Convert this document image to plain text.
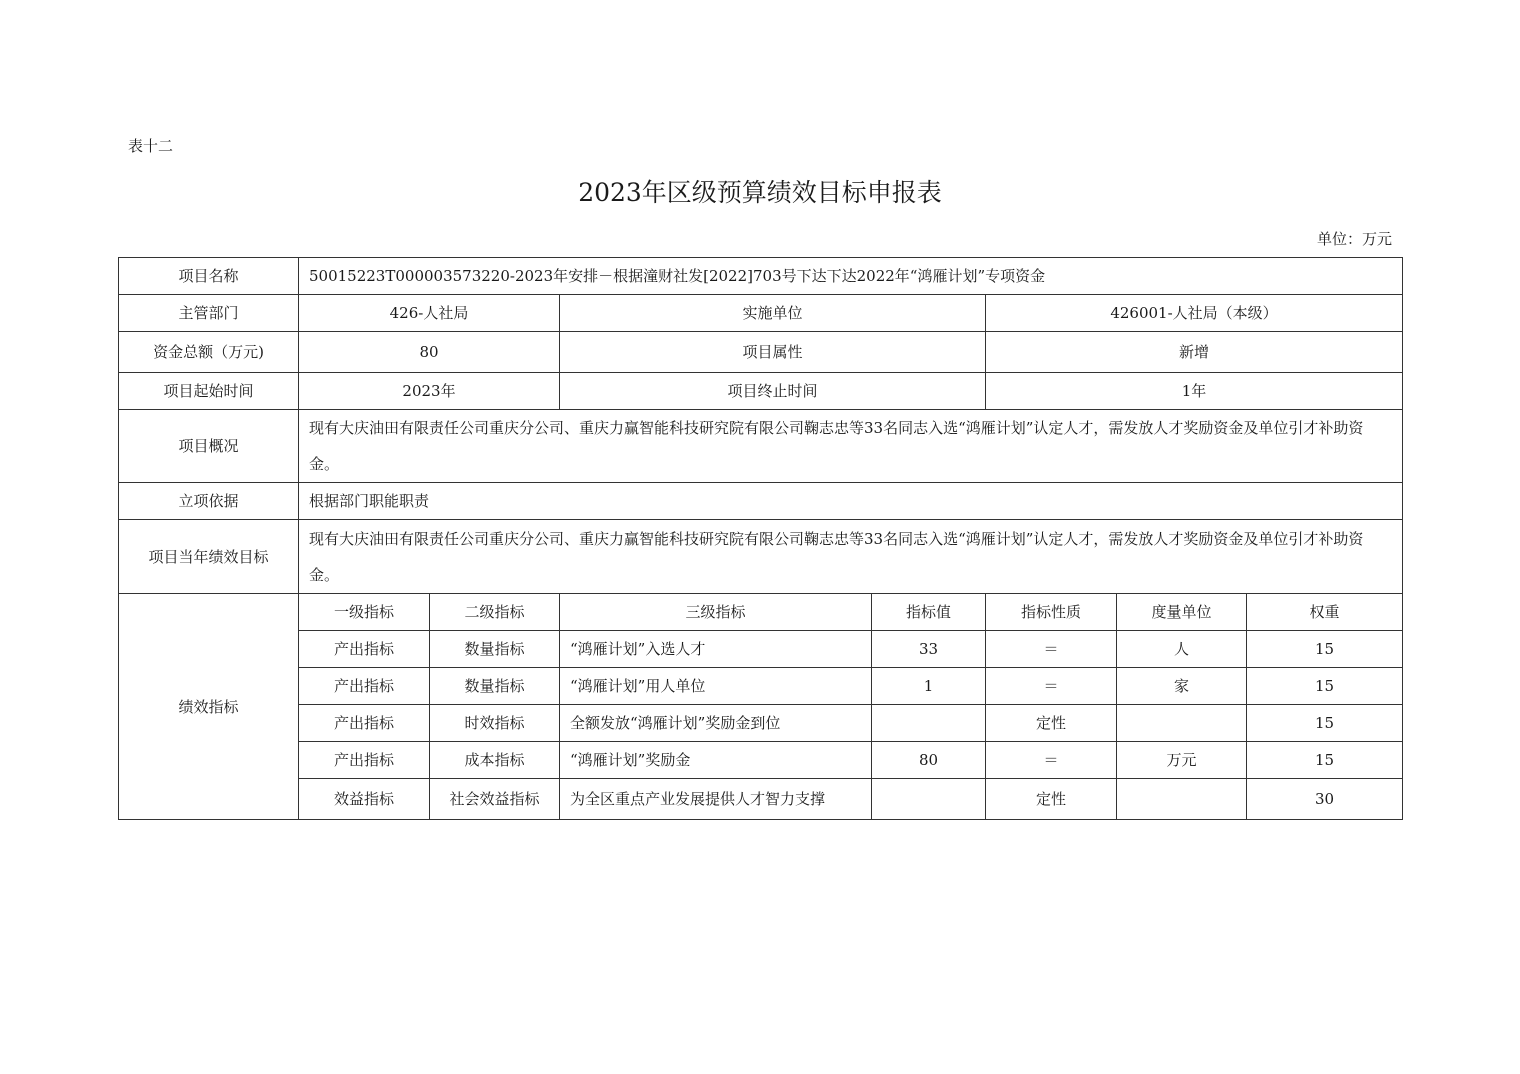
表十二
2023年区级预算绩效目标申报表
单位：万元
项目名称	50015223T000003573220-2023年安排－根据潼财社发[2022]703号下达下达2022年“鸿雁计划”专项资金						
主管部门	426-人社局		实施单位		426001-人社局（本级）		
资金总额（万元)	80		项目属性		新增		
项目起始时间	2023年		项目终止时间		1年		
项目概况	现有大庆油田有限责任公司重庆分公司、重庆力赢智能科技研究院有限公司鞠志忠等33名同志入选“鸿雁计划”认定人才，需发放人才奖励资金及单位引才补助资金。						
立项依据	根据部门职能职责						
项目当年绩效目标	现有大庆油田有限责任公司重庆分公司、重庆力赢智能科技研究院有限公司鞠志忠等33名同志入选“鸿雁计划”认定人才，需发放人才奖励资金及单位引才补助资金。						
绩效指标	一级指标	二级指标	三级指标	指标值	指标性质	度量单位	权重
	产出指标	数量指标	“鸿雁计划”入选人才	33	＝	人	15
	产出指标	数量指标	“鸿雁计划”用人单位	1	＝	家	15
	产出指标	时效指标	全额发放“鸿雁计划”奖励金到位		定性		15
	产出指标	成本指标	“鸿雁计划”奖励金	80	＝	万元	15
	效益指标	社会效益指标	为全区重点产业发展提供人才智力支撑		定性		30
